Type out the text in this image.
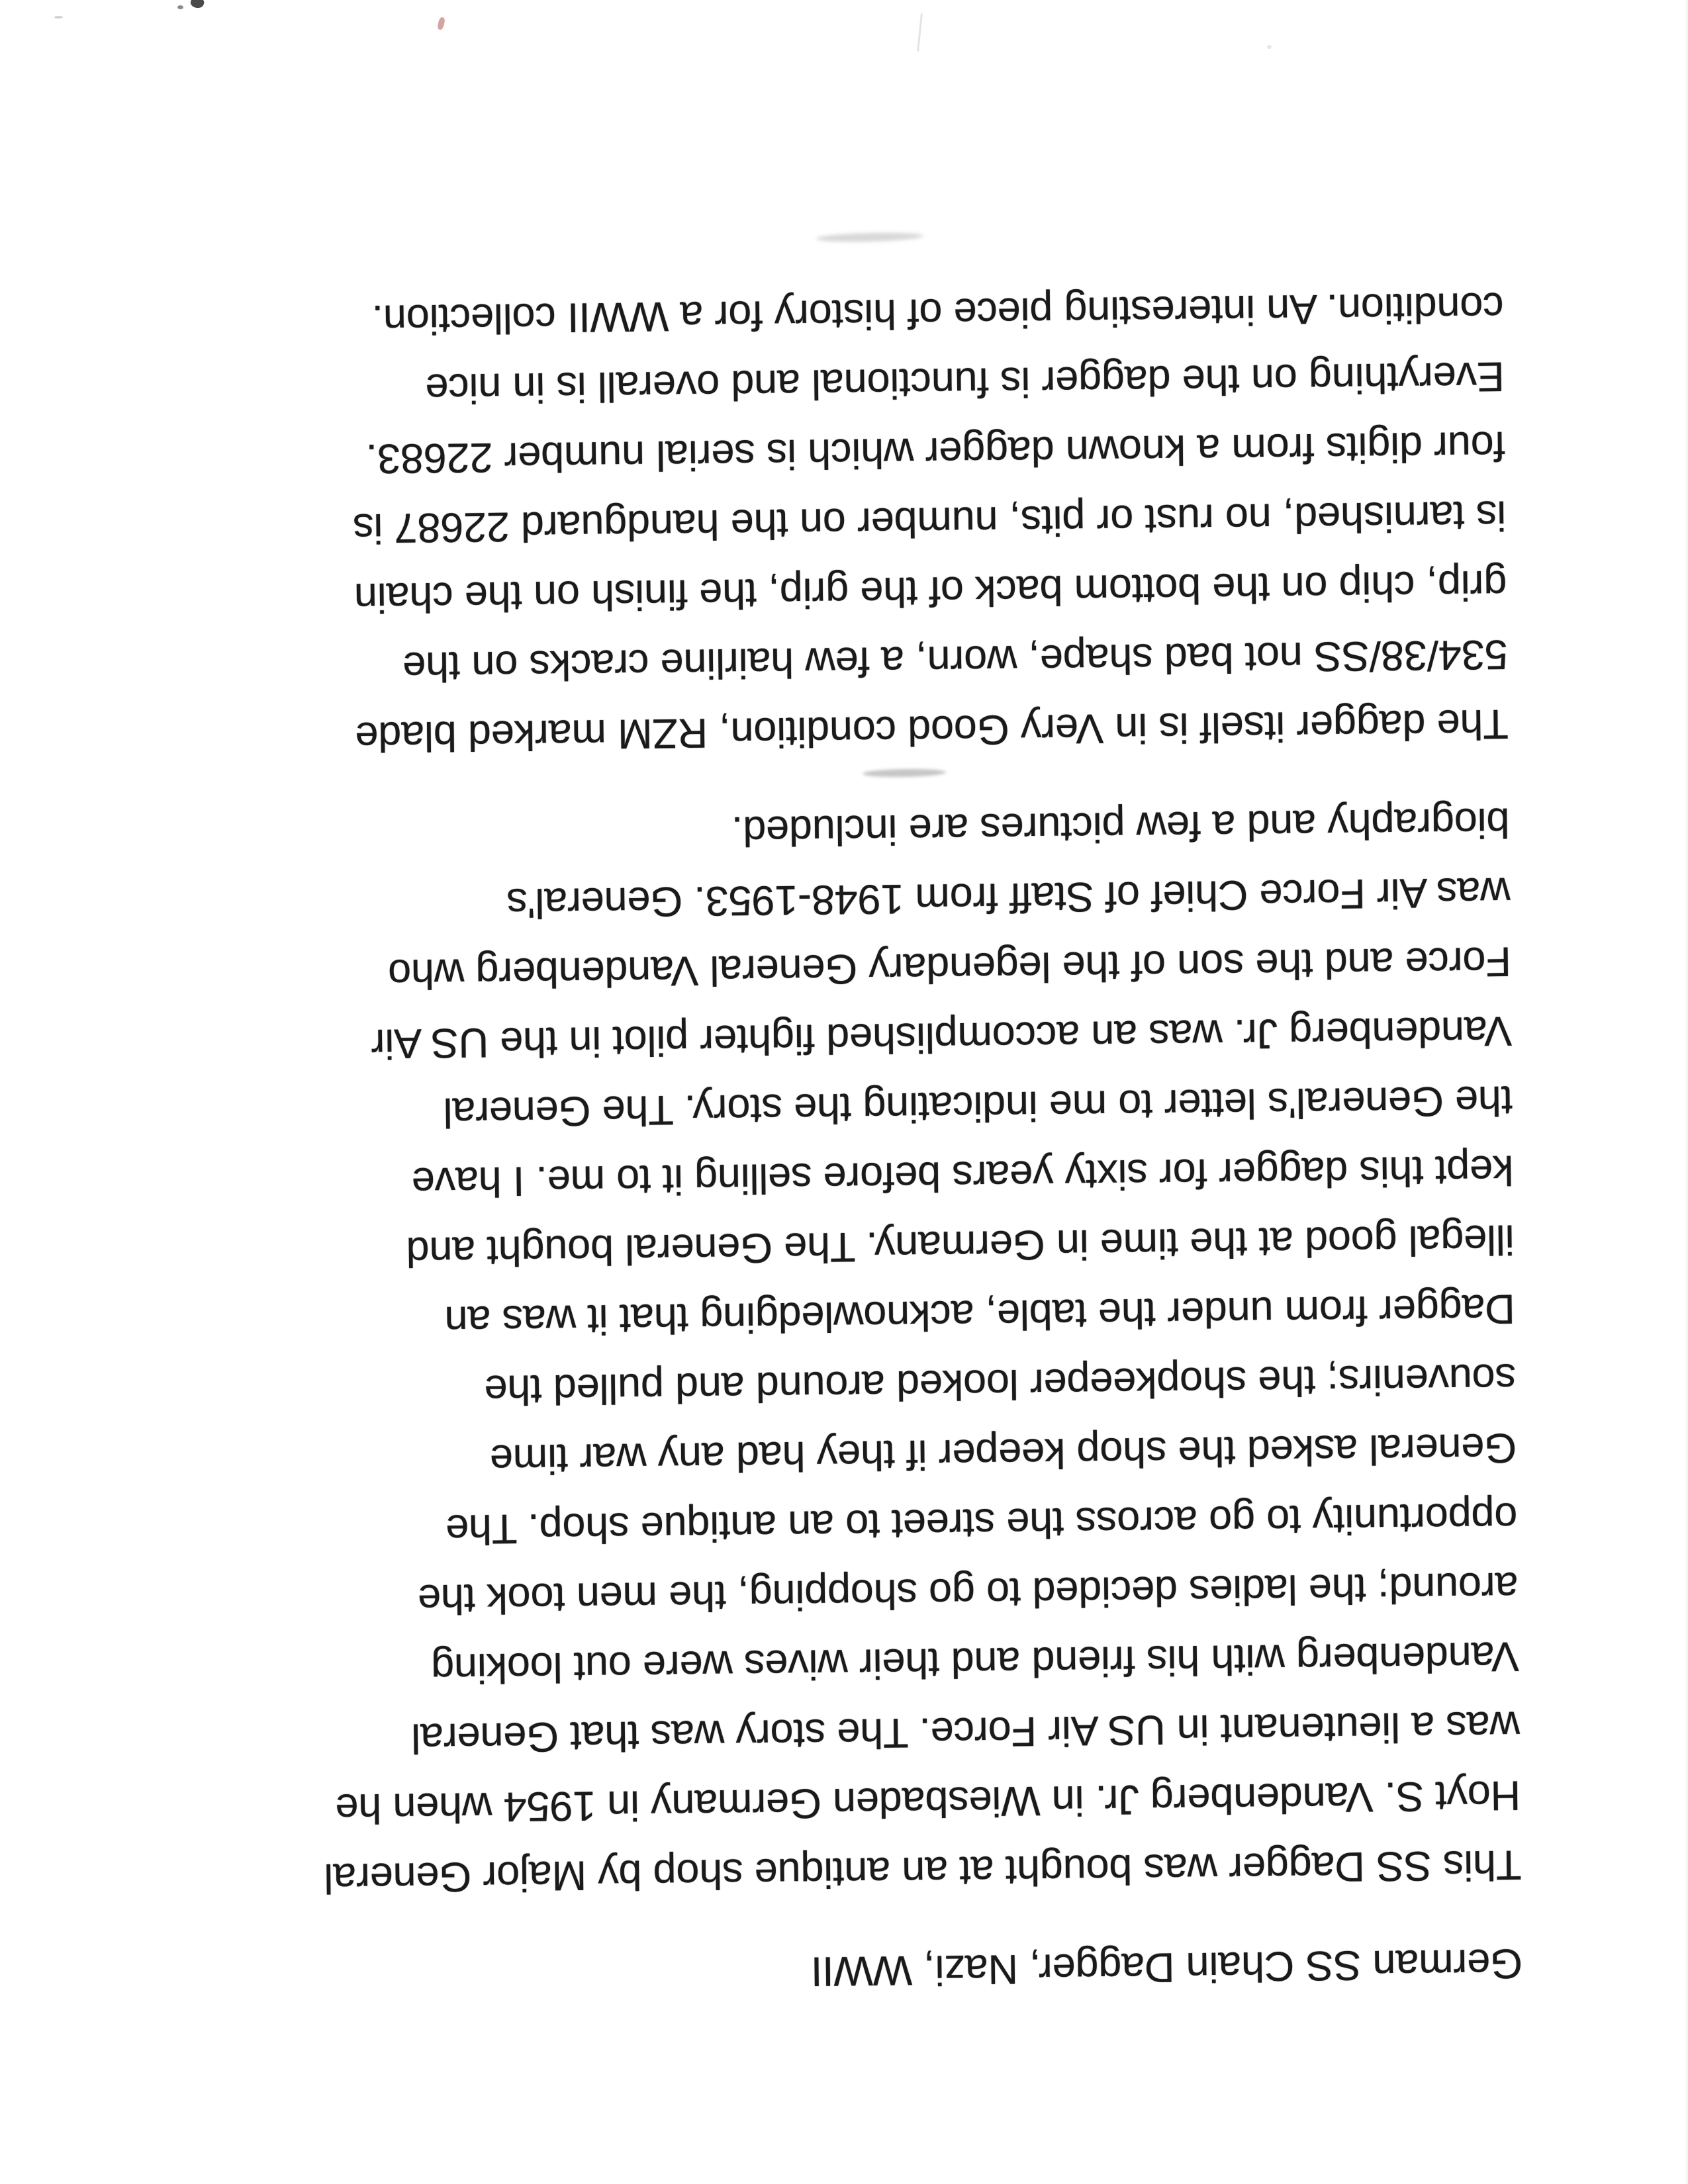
German SS Chain Dagger, Nazi, WWII
This SS Dagger was bought at an antique shop by Major General
Hoyt S. Vandenberg Jr. in Wiesbaden Germany in 1954 when he
was a lieutenant in US Air Force. The story was that General
Vandenberg with his friend and their wives were out looking
around; the ladies decided to go shopping, the men took the
opportunity to go across the street to an antique shop. The
General asked the shop keeper if they had any war time
souvenirs; the shopkeeper looked around and pulled the
Dagger from under the table, acknowledging that it was an
illegal good at the time in Germany. The General bought and
kept this dagger for sixty years before selling it to me. I have
the General's letter to me indicating the story. The General
Vandenberg Jr. was an accomplished fighter pilot in the US Air
Force and the son of the legendary General Vandenberg who
was Air Force Chief of Staff from 1948-1953. General's
biography and a few pictures are included.
The dagger itself is in Very Good condition, RZM marked blade
534/38/SS not bad shape, worn, a few hairline cracks on the
grip, chip on the bottom back of the grip, the finish on the chain
is tarnished, no rust or pits, number on the handguard 22687 is
four digits from a known dagger which is serial number 22683.
Everything on the dagger is functional and overall is in nice
condition. An interesting piece of history for a WWII collection.
